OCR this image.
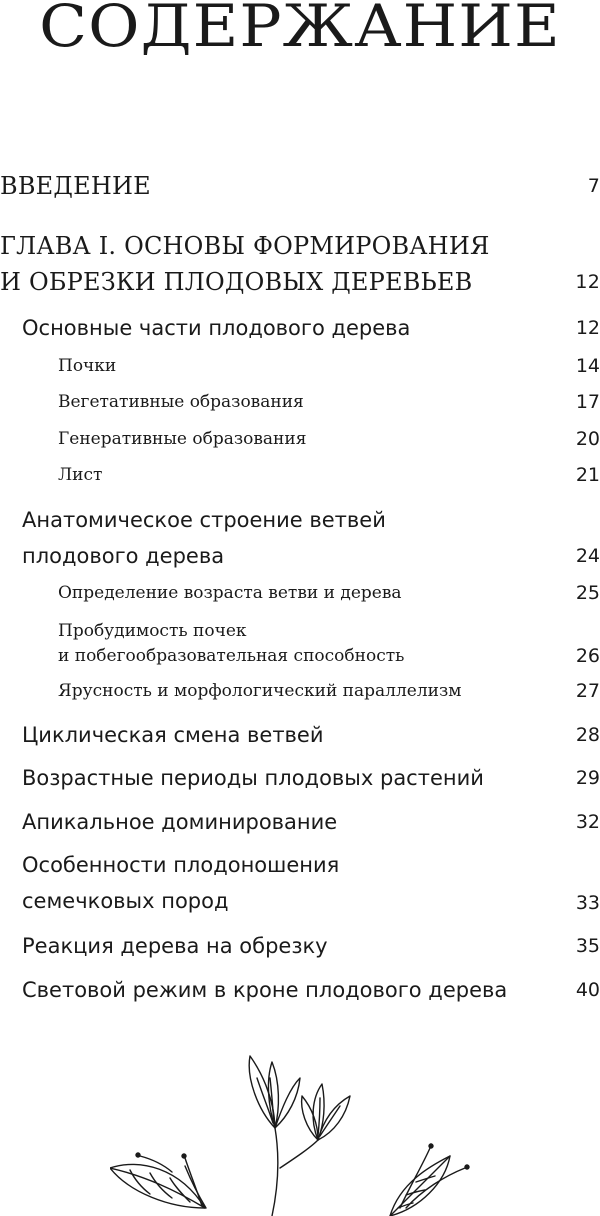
СОДЕРЖАНИЕ
ВВЕДЕНИЕ	7
ГЛАВА I. ОСНОВЫ ФОРМИРОВАНИЯ
И ОБРЕЗКИ ПЛОДОВЫХ ДЕРЕВЬЕВ	12
Основные части плодового дерева	12
Почки	14
Вегетативные образования	17
Генеративные образования	20
Лист	21
Анатомическое строение ветвей
плодового дерева	24
Определение возраста ветви и дерева	25
Пробудимость почек
и побегообразовательная способность	26
Ярусность и морфологический параллелизм	27
Циклическая смена ветвей	28
Возрастные периоды плодовых растений	29
Апикальное доминирование	32
Особенности плодоношения
семечковых пород	33
Реакция дерева на обрезку	35
Световой режим в кроне плодового дерева	40
